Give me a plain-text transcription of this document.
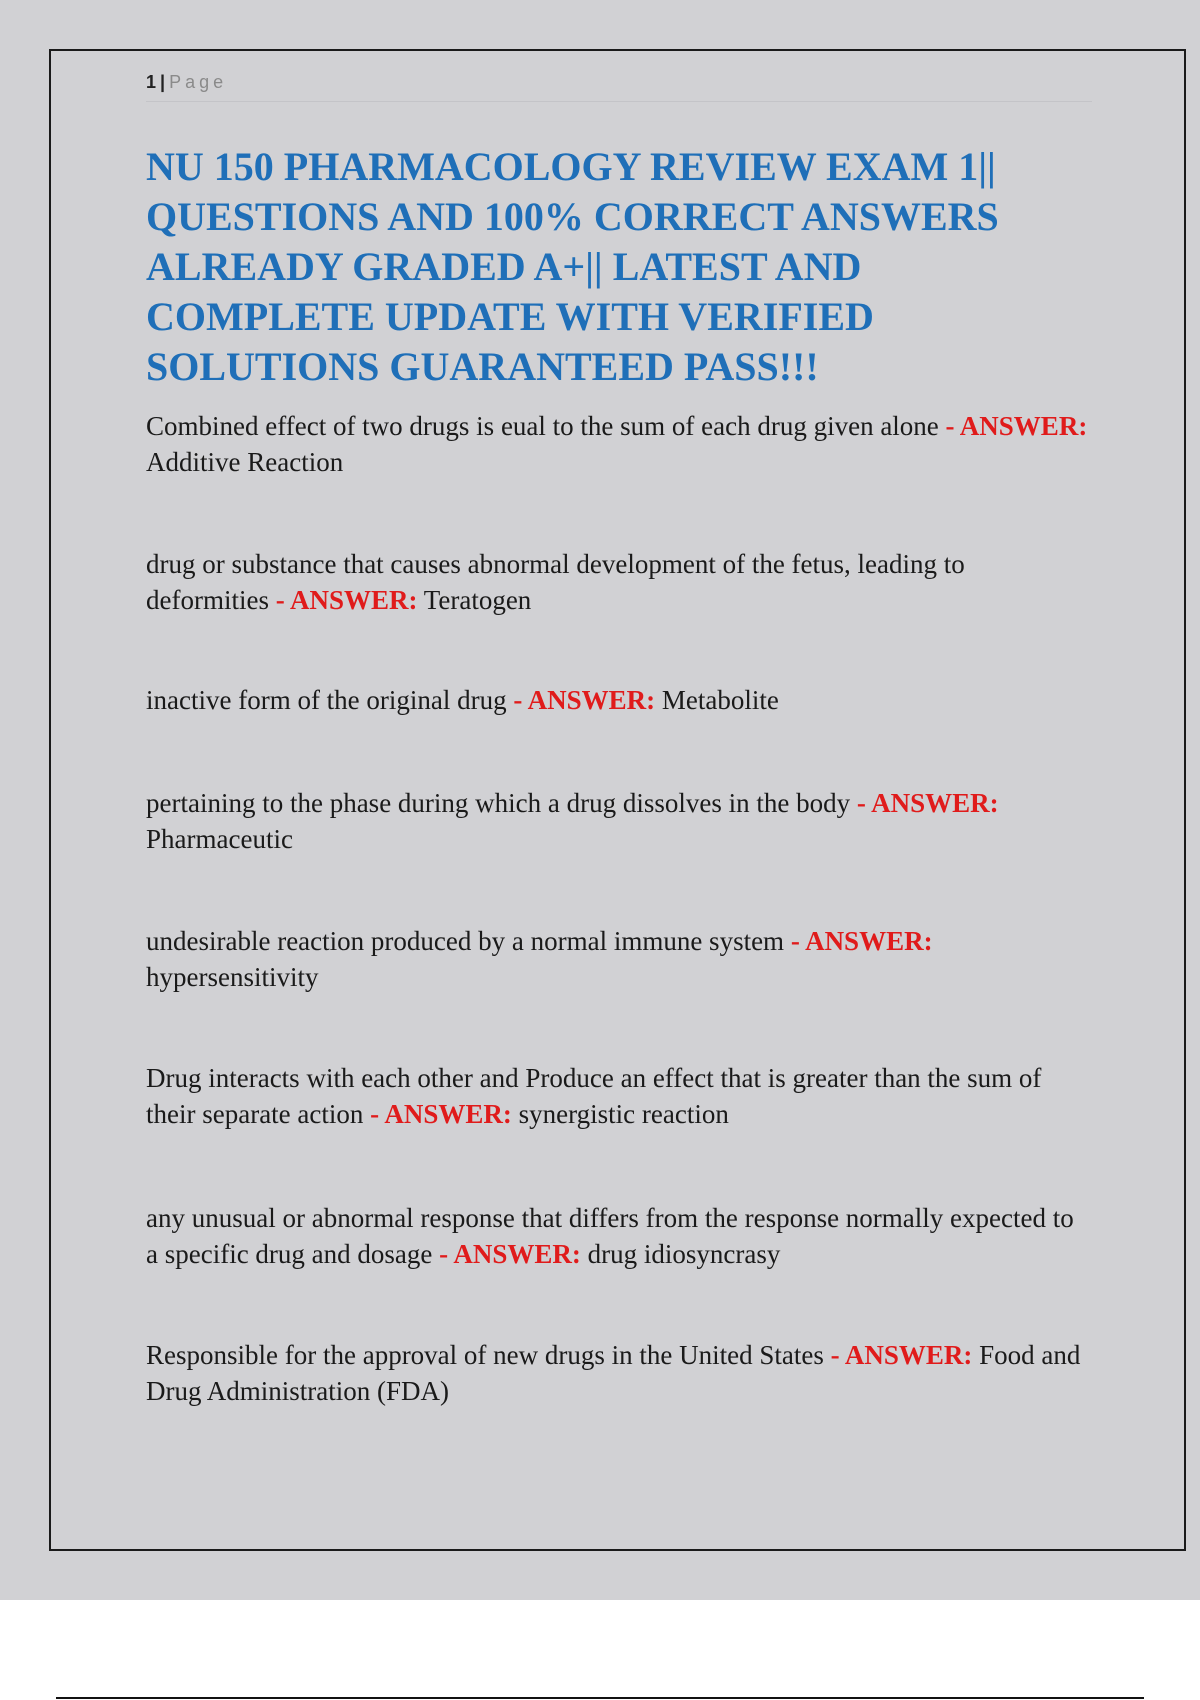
1 | Page
NU 150 PHARMACOLOGY REVIEW EXAM 1|| QUESTIONS AND 100% CORRECT ANSWERS ALREADY GRADED A+|| LATEST AND COMPLETE UPDATE WITH VERIFIED SOLUTIONS GUARANTEED PASS!!!

Combined effect of two drugs is eual to the sum of each drug given alone - ANSWER: Additive Reaction

drug or substance that causes abnormal development of the fetus, leading to deformities - ANSWER: Teratogen

inactive form of the original drug - ANSWER: Metabolite

pertaining to the phase during which a drug dissolves in the body - ANSWER: Pharmaceutic

undesirable reaction produced by a normal immune system - ANSWER: hypersensitivity

Drug interacts with each other and Produce an effect that is greater than the sum of their separate action - ANSWER: synergistic reaction

any unusual or abnormal response that differs from the response normally expected to a specific drug and dosage - ANSWER: drug idiosyncrasy

Responsible for the approval of new drugs in the United States - ANSWER: Food and Drug Administration (FDA)
